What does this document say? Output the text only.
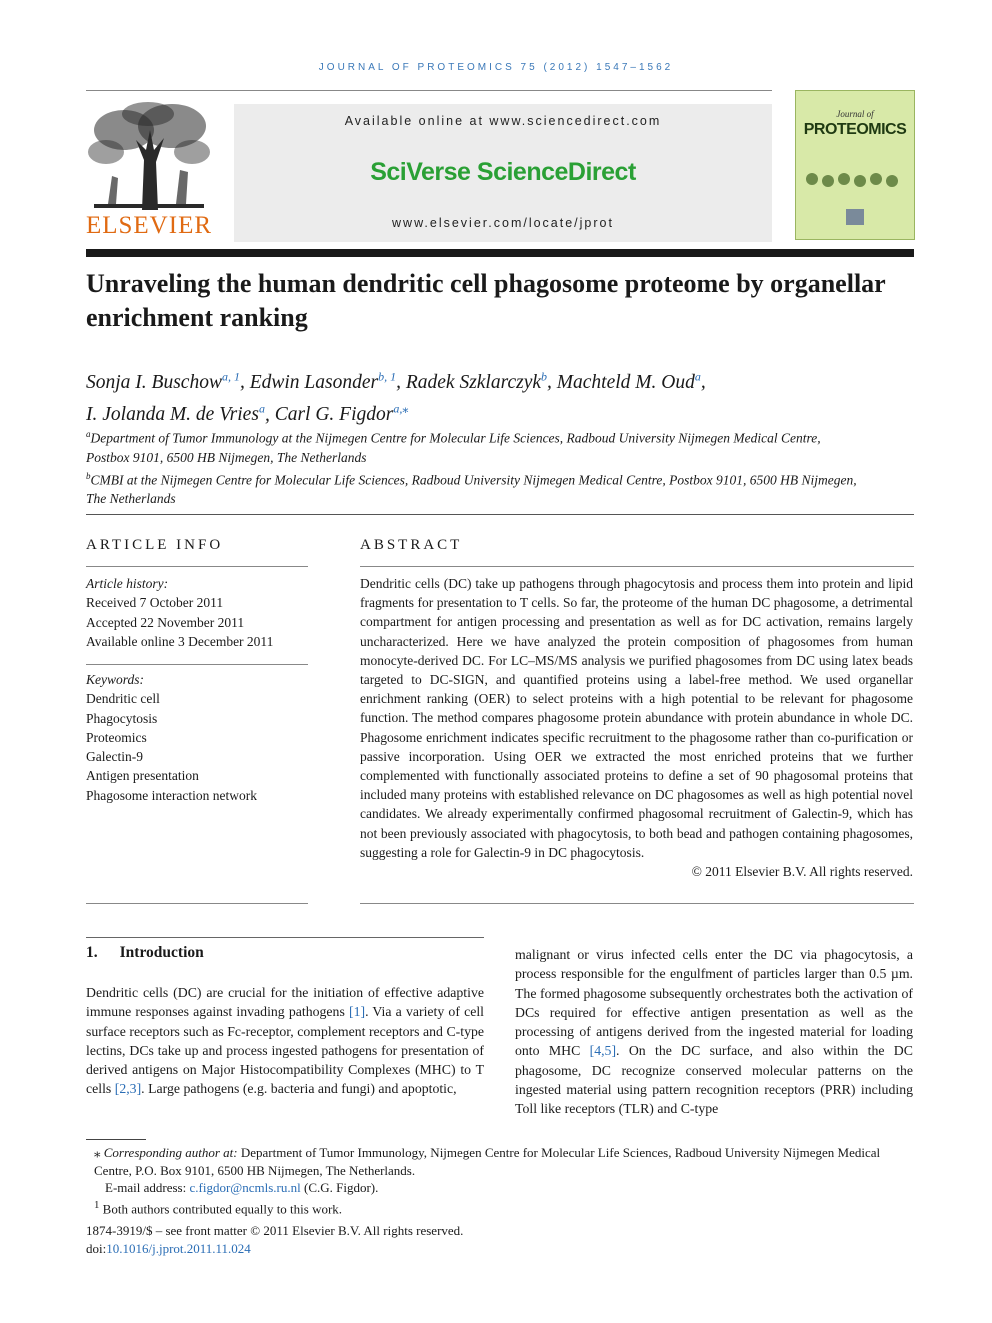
JOURNAL OF PROTEOMICS 75 (2012) 1547–1562
ELSEVIER
Available online at www.sciencedirect.com
SciVerse ScienceDirect
www.elsevier.com/locate/jprot
Journal of
PROTEOMICS
Unraveling the human dendritic cell phagosome proteome by organellar enrichment ranking
Sonja I. Buschow$^{a, 1}$, Edwin Lasonder$^{b, 1}$, Radek Szklarczyk$^b$, Machteld M. Oud$^a$,
I. Jolanda M. de Vries$^a$, Carl G. Figdor$^{a,⁎}$
$^a$Department of Tumor Immunology at the Nijmegen Centre for Molecular Life Sciences, Radboud University Nijmegen Medical Centre,
Postbox 9101, 6500 HB Nijmegen, The Netherlands
$^b$CMBI at the Nijmegen Centre for Molecular Life Sciences, Radboud University Nijmegen Medical Centre, Postbox 9101, 6500 HB Nijmegen,
The Netherlands
ARTICLE INFO
Article history:
Received 7 October 2011
Accepted 22 November 2011
Available online 3 December 2011
Keywords:
Dendritic cell
Phagocytosis
Proteomics
Galectin-9
Antigen presentation
Phagosome interaction network
ABSTRACT
Dendritic cells (DC) take up pathogens through phagocytosis and process them into protein and lipid fragments for presentation to T cells. So far, the proteome of the human DC phagosome, a detrimental compartment for antigen processing and presentation as well as for DC activation, remains largely uncharacterized. Here we have analyzed the protein composition of phagosomes from human monocyte-derived DC. For LC–MS/MS analysis we purified phagosomes from DC using latex beads targeted to DC-SIGN, and quantified proteins using a label-free method. We used organellar enrichment ranking (OER) to select proteins with a high potential to be relevant for phagosome function. The method compares phagosome protein abundance with protein abundance in whole DC. Phagosome enrichment indicates specific recruitment to the phagosome rather than co-purification or passive incorporation. Using OER we extracted the most enriched proteins that we further complemented with functionally associated proteins to define a set of 90 phagosomal proteins that included many proteins with established relevance on DC phagosomes as well as high potential novel candidates. We already experimentally confirmed phagosomal recruitment of Galectin-9, which has not been previously associated with phagocytosis, to both bead and pathogen containing phagosomes, suggesting a role for Galectin-9 in DC phagocytosis.
© 2011 Elsevier B.V. All rights reserved.
1. Introduction
Dendritic cells (DC) are crucial for the initiation of effective adaptive immune responses against invading pathogens [1]. Via a variety of cell surface receptors such as Fc-receptor, complement receptors and C-type lectins, DCs take up and process ingested pathogens for presentation of derived antigens on Major Histocompatibility Complexes (MHC) to T cells [2,3]. Large pathogens (e.g. bacteria and fungi) and apoptotic,
malignant or virus infected cells enter the DC via phagocytosis, a process responsible for the engulfment of particles larger than 0.5 µm. The formed phagosome subsequently orchestrates both the activation of DCs required for effective antigen presentation as well as the processing of antigens derived from the ingested material for loading onto MHC [4,5]. On the DC surface, and also within the DC phagosome, DC recognize conserved molecular patterns on the ingested material using pattern recognition receptors (PRR) including Toll like receptors (TLR) and C-type
⁎ Corresponding author at: Department of Tumor Immunology, Nijmegen Centre for Molecular Life Sciences, Radboud University Nijmegen Medical Centre, P.O. Box 9101, 6500 HB Nijmegen, The Netherlands.
E-mail address: c.figdor@ncmls.ru.nl (C.G. Figdor).
$^1$ Both authors contributed equally to this work.
1874-3919/$ – see front matter © 2011 Elsevier B.V. All rights reserved.
doi:10.1016/j.jprot.2011.11.024
